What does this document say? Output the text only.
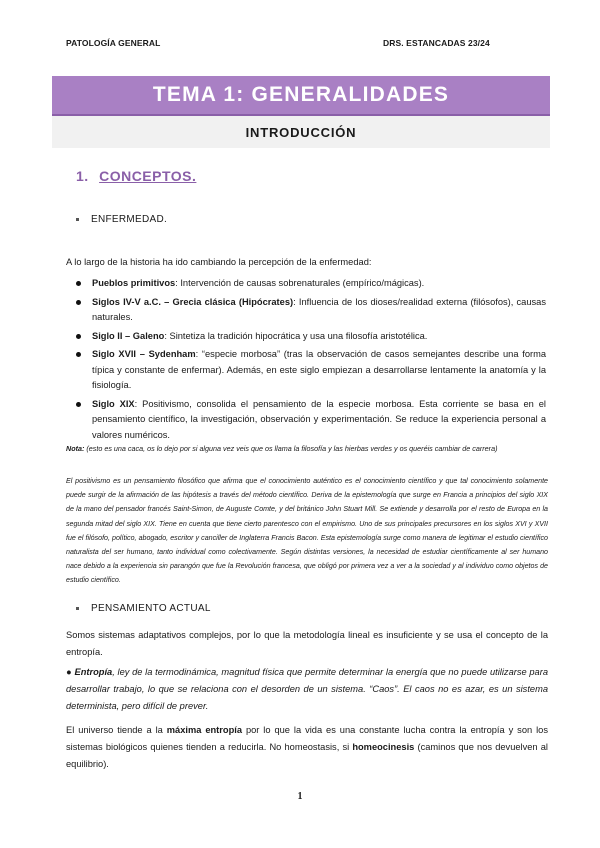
PATOLOGÍA GENERAL	DRS. ESTANCADAS 23/24
TEMA 1: GENERALIDADES
INTRODUCCIÓN
1. CONCEPTOS.
ENFERMEDAD.
A lo largo de la historia ha ido cambiando la percepción de la enfermedad:
Pueblos primitivos: Intervención de causas sobrenaturales (empírico/mágicas).
Siglos IV-V a.C. – Grecia clásica (Hipócrates): Influencia de los dioses/realidad externa (filósofos), causas naturales.
Siglo II – Galeno: Sintetiza la tradición hipocrática y usa una filosofía aristotélica.
Siglo XVII – Sydenham: “especie morbosa” (tras la observación de casos semejantes describe una forma típica y constante de enfermar). Además, en este siglo empiezan a desarrollarse lentamente la anatomía y la fisiología.
Siglo XIX: Positivismo, consolida el pensamiento de la especie morbosa. Esta corriente se basa en el pensamiento científico, la investigación, observación y experimentación. Se reduce la experiencia personal a valores numéricos.
Nota: (esto es una caca, os lo dejo por si alguna vez veis que os llama la filosofía y las hierbas verdes y os queréis cambiar de carrera)
El positivismo es un pensamiento filosófico que afirma que el conocimiento auténtico es el conocimiento científico y que tal conocimiento solamente puede surgir de la afirmación de las hipótesis a través del método científico. Deriva de la epistemología que surge en Francia a principios del siglo XIX de la mano del pensador francés Saint-Simon, de Auguste Comte, y del británico John Stuart Mill. Se extiende y desarrolla por el resto de Europa en la segunda mitad del siglo XIX. Tiene en cuenta que tiene cierto parentesco con el empirismo. Uno de sus principales precursores en los siglos XVI y XVII fue el filósofo, político, abogado, escritor y canciller de Inglaterra Francis Bacon. Esta epistemología surge como manera de legitimar el estudio científico naturalista del ser humano, tanto individual como colectivamente. Según distintas versiones, la necesidad de estudiar científicamente al ser humano nace debido a la experiencia sin parangón que fue la Revolución francesa, que obligó por primera vez a ver a la sociedad y al individuo como objetos de estudio científico.
PENSAMIENTO ACTUAL
Somos sistemas adaptativos complejos, por lo que la metodología lineal es insuficiente y se usa el concepto de la entropía.
● Entropía, ley de la termodinámica, magnitud física que permite determinar la energía que no puede utilizarse para desarrollar trabajo, lo que se relaciona con el desorden de un sistema. “Caos”. El caos no es azar, es un sistema determinista, pero difícil de prever.
El universo tiende a la máxima entropía por lo que la vida es una constante lucha contra la entropía y son los sistemas biológicos quienes tienden a reducirla. No homeostasis, si homeocinesis (caminos que nos devuelven al equilibrio).
1
